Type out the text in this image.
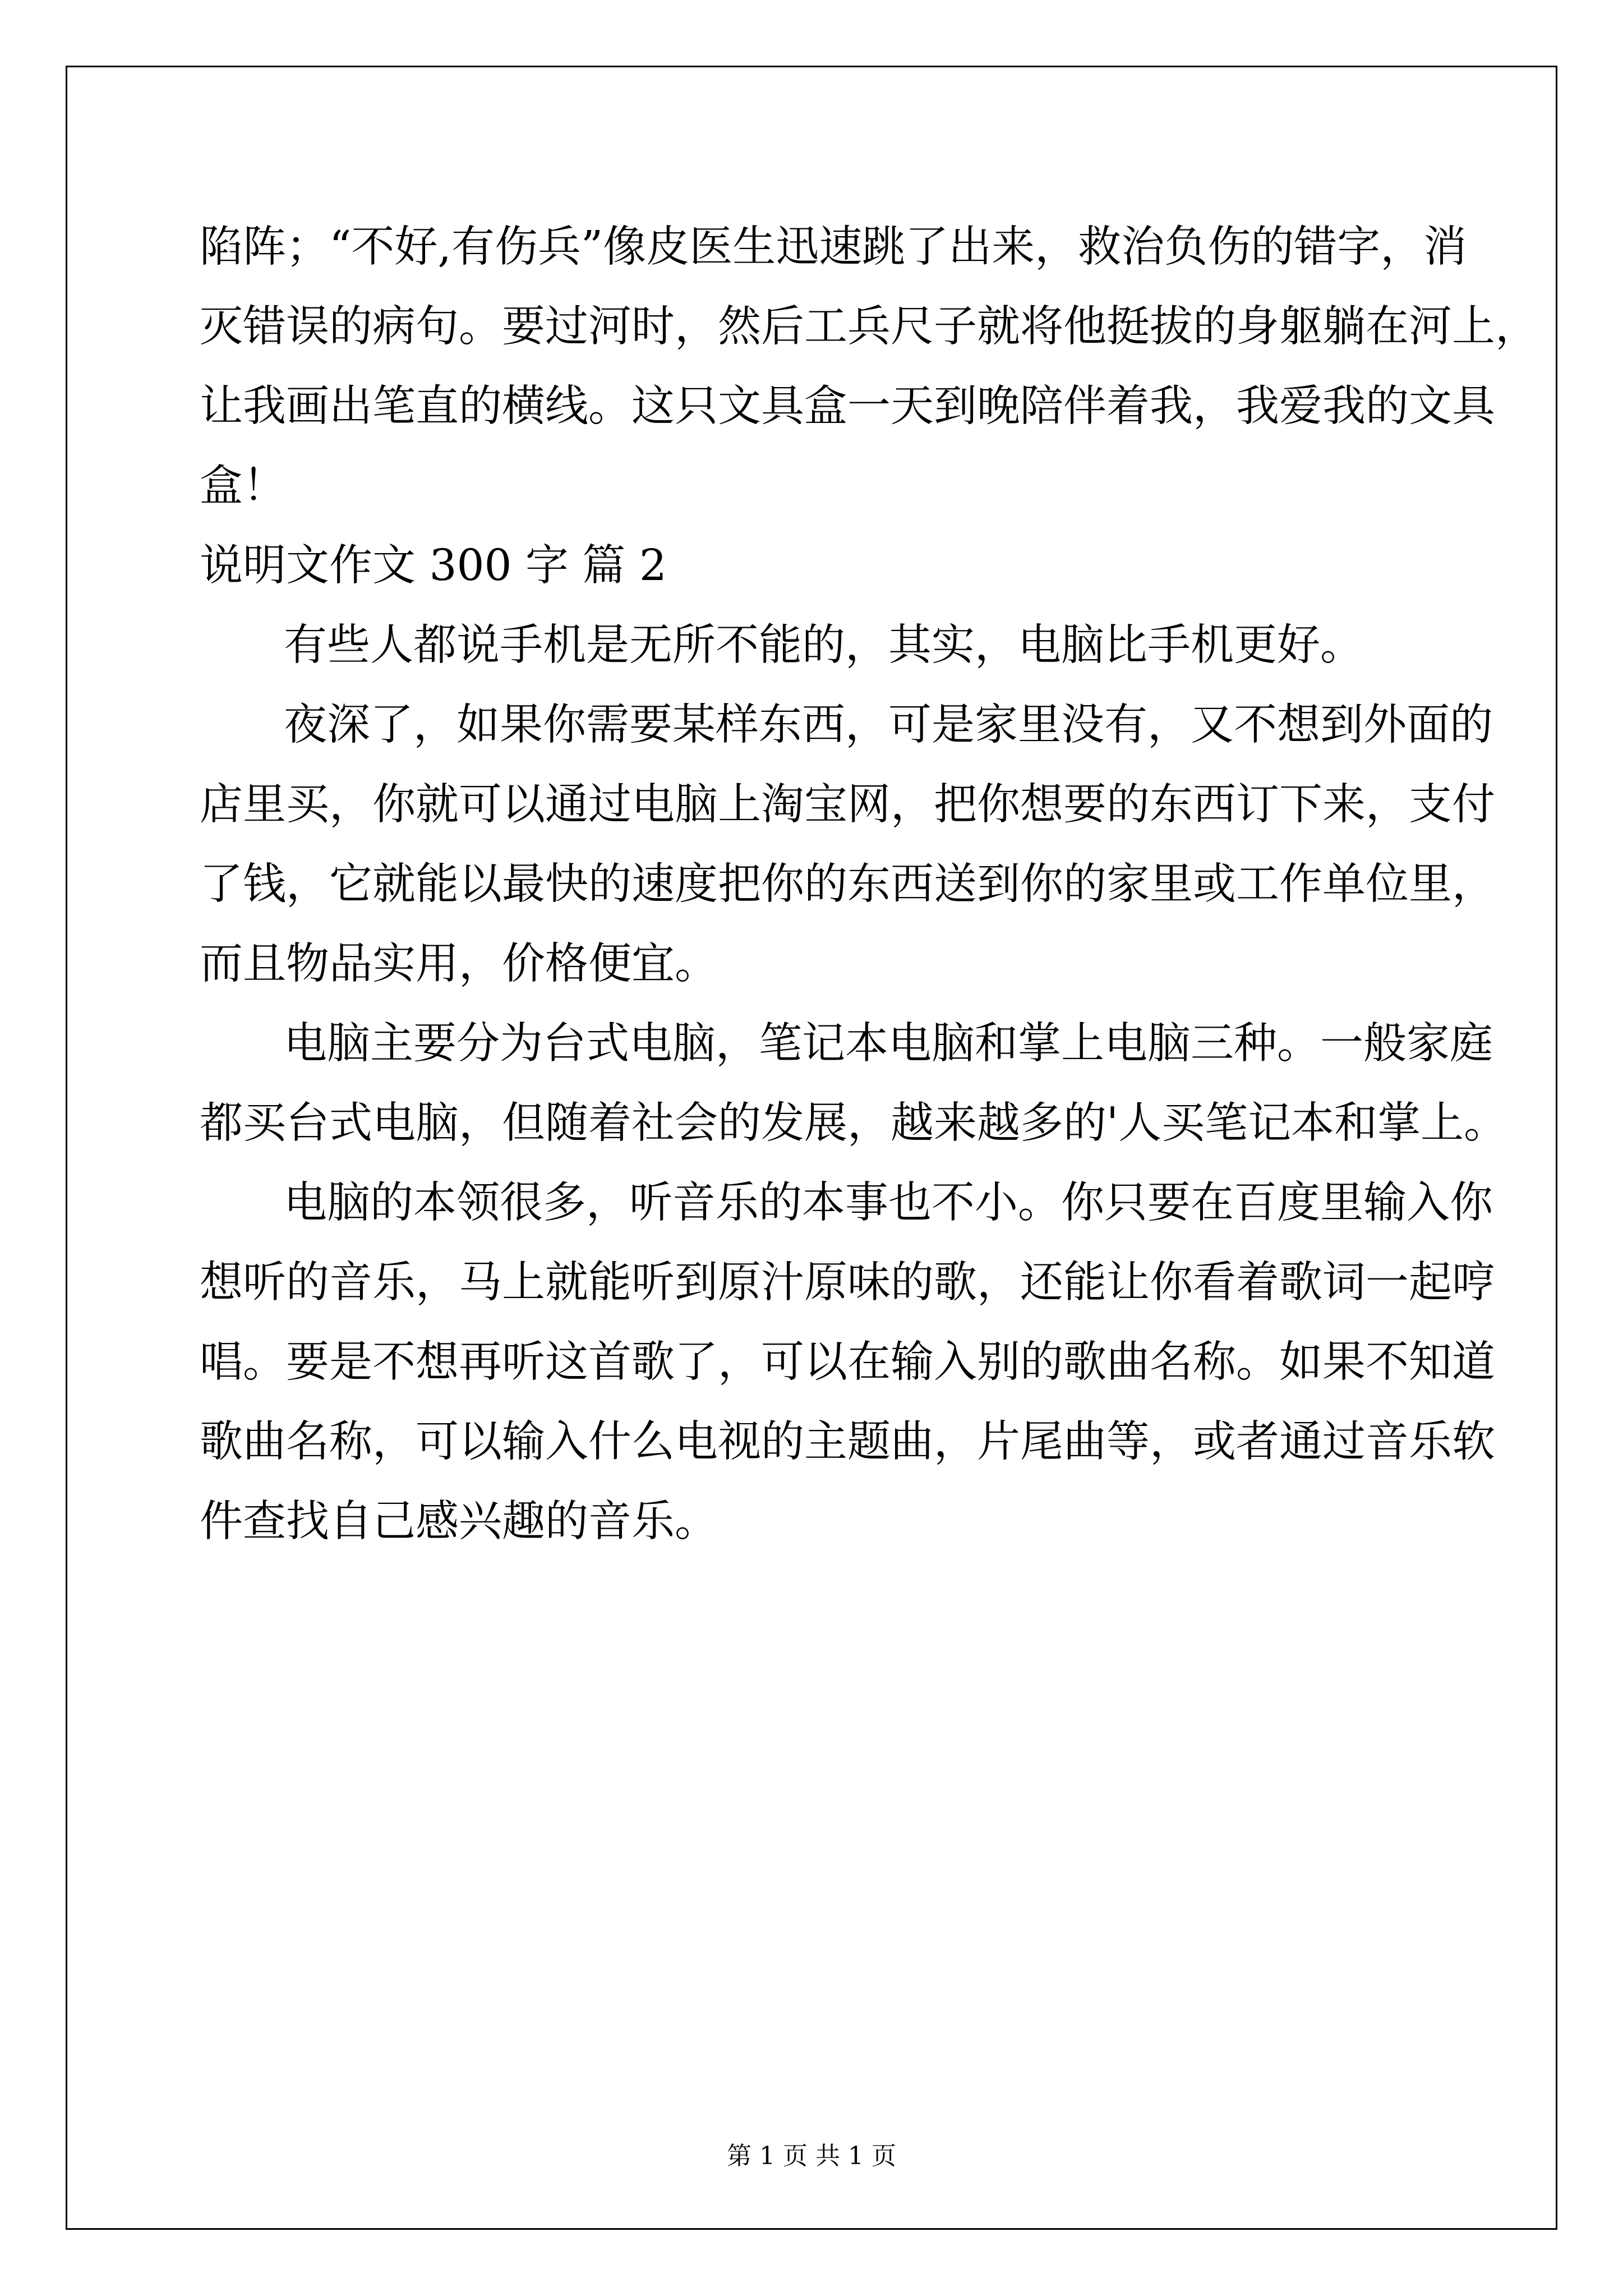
陷阵；“不好,有伤兵”像皮医生迅速跳了出来，救治负伤的错字，消
灭错误的病句。要过河时，然后工兵尺子就将他挺拔的身躯躺在河上，
让我画出笔直的横线。这只文具盒一天到晚陪伴着我，我爱我的文具
盒！
说明文作文 300 字 篇 2
有些人都说手机是无所不能的，其实，电脑比手机更好。
夜深了，如果你需要某样东西，可是家里没有，又不想到外面的
店里买，你就可以通过电脑上淘宝网，把你想要的东西订下来，支付
了钱，它就能以最快的速度把你的东西送到你的家里或工作单位里，
而且物品实用，价格便宜。
电脑主要分为台式电脑，笔记本电脑和掌上电脑三种。一般家庭
都买台式电脑，但随着社会的发展，越来越多的'人买笔记本和掌上。
电脑的本领很多，听音乐的本事也不小。你只要在百度里输入你
想听的音乐，马上就能听到原汁原味的歌，还能让你看着歌词一起哼
唱。要是不想再听这首歌了，可以在输入别的歌曲名称。如果不知道
歌曲名称，可以输入什么电视的主题曲，片尾曲等，或者通过音乐软
件查找自己感兴趣的音乐。
第 1 页 共 1 页
